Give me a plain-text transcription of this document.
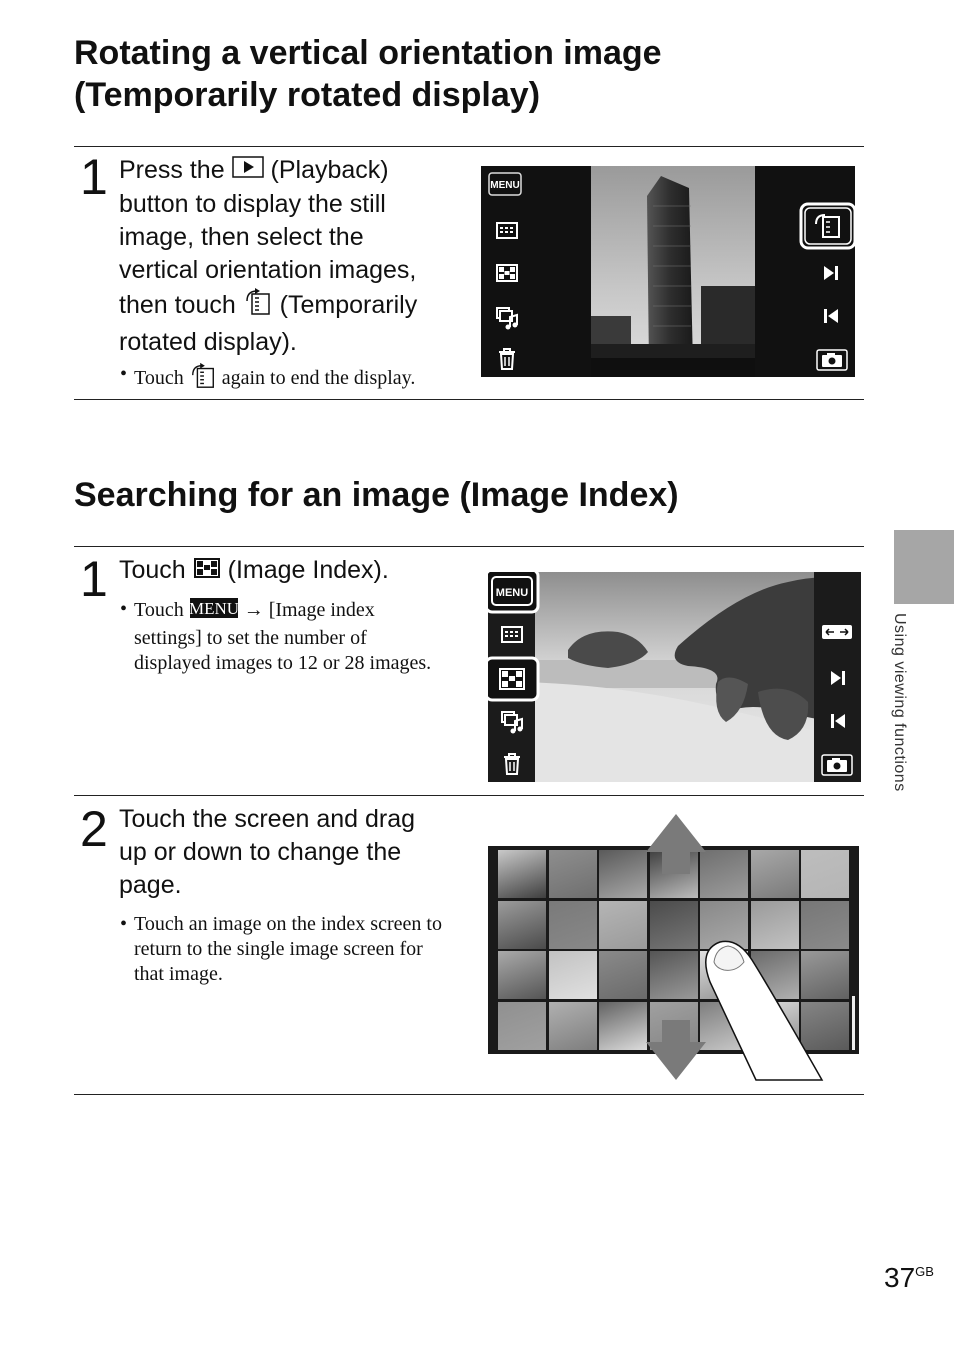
Rotating a vertical orientation image
(Temporarily rotated display)
1 Press the (Playback)
button to display the still
image, then select the
vertical orientation images,
then touch (Temporarily
rotated display).
• Touch again to end the display.
MENU
Searching for an image (Image Index)
1 Touch (Image Index).
• Touch MENU → [Image index
settings] to set the number of
displayed images to 12 or 28 images.
MENU
2 Touch the screen and drag
up or down to change the
page.
• Touch an image on the index screen to
return to the single image screen for
that image.
Using viewing functions
$37^{GB}$
